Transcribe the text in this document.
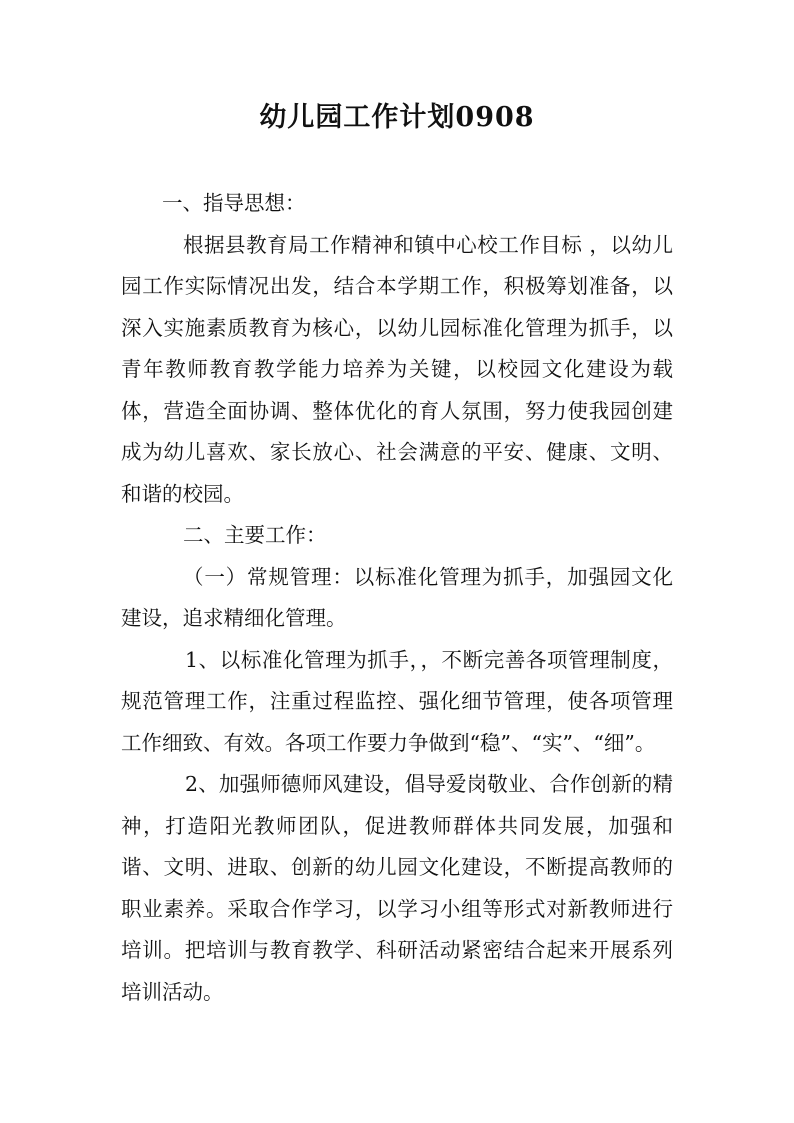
幼儿园工作计划0908

一、指导思想：

根据县教育局工作精神和镇中心校工作目标 ，以幼儿园工作实际情况出发，结合本学期工作，积极筹划准备，以深入实施素质教育为核心，以幼儿园标准化管理为抓手，以青年教师教育教学能力培养为关键，以校园文化建设为载体，营造全面协调、整体优化的育人氛围，努力使我园创建成为幼儿喜欢、家长放心、社会满意的平安、健康、文明、和谐的校园。

二、主要工作：

（一）常规管理：以标准化管理为抓手，加强园文化建设，追求精细化管理。

1、以标准化管理为抓手，，不断完善各项管理制度，规范管理工作，注重过程监控、强化细节管理，使各项管理工作细致、有效。各项工作要力争做到“稳”、“实”、“细”。

2、加强师德师风建设，倡导爱岗敬业、合作创新的精神，打造阳光教师团队，促进教师群体共同发展，加强和谐、文明、进取、创新的幼儿园文化建设，不断提高教师的职业素养。采取合作学习，以学习小组等形式对新教师进行培训。把培训与教育教学、科研活动紧密结合起来开展系列培训活动。
